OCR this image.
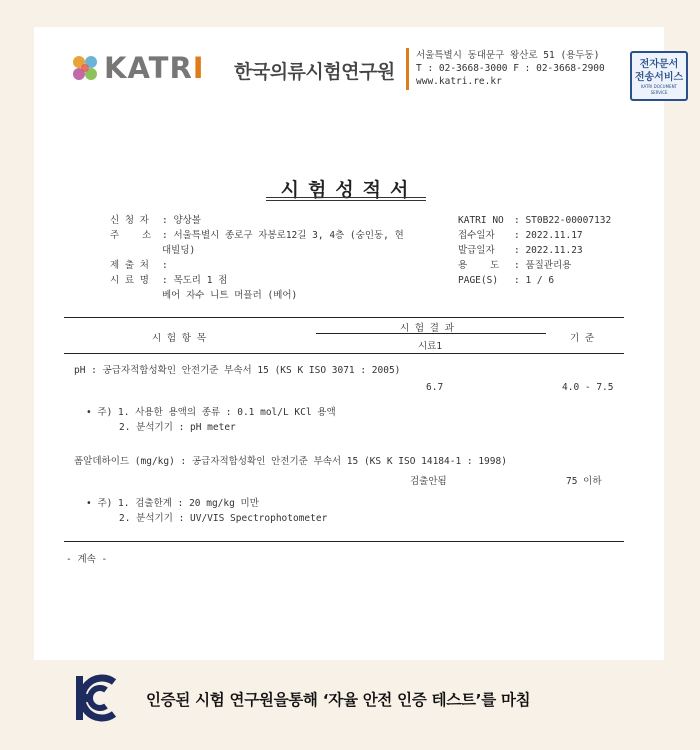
KATRI 한국의류시험연구원
서울특별시 동대문구 왕산로 51 (용두동)
T : 02-3668-3000 F : 02-3668-2900
www.katri.re.kr
전자문서
전송서비스
KATRI DOCUMENT SERVICE
시험성적서
신 청 자	: 양상볼
주    소	: 서울특별시 종로구 자봉로12길 3, 4층 (숭인동, 현
대빌딩)
제 출 처	:
시 료 명	: 목도리 1 점
베어 자수 니트 머플러 (베어)
KATRI NO	: ST0B22-00007132
접수일자	: 2022.11.17
발급일자	: 2022.11.23
용    도	: 품질관리용
PAGE(S)	: 1 / 6
시 험 항 목
시 험 결 과
시료1
기 준
pH : 공급자적합성확인 안전기준 부속서 15 (KS K ISO 3071 : 2005)
6.7	4.0 - 7.5
• 주) 1. 사용한 용액의 종류 : 0.1 mol/L KCl 용액
2. 분석기기 : pH meter
폼알데하이드 (mg/kg) : 공급자적합성확인 안전기준 부속서 15 (KS K ISO 14184-1 : 1998)
검출안됨	75 이하
• 주) 1. 검출한계 : 20 mg/kg 미만
2. 분석기기 : UV/VIS Spectrophotometer
- 계속 -
인증된 시험 연구원을통해 ‘자율 안전 인증 테스트’를 마침
